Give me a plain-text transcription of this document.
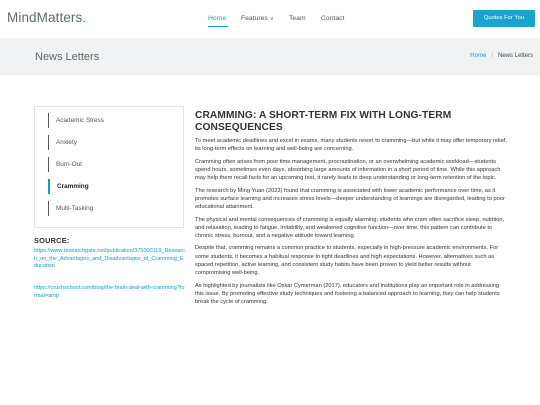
MindMatters.	Home Features ∨ Team Contact	Quotes For You
News Letters	Home / News Letters
Academic Stress
Anxiety
Burn-Out
Cramming
Multi-Tasking
SOURCE:
https://www.researchgate.net/publication/375000119_Research_on_the_Advantages_and_Disadvantages_of_Cramming_Education
https://crushschool.com/blog/the-brain-deal-with-cramming?format=amp
CRAMMING: A SHORT-TERM FIX WITH LONG-TERM CONSEQUENCES

To meet academic deadlines and excel in exams, many students resort to cramming—but while it may offer temporary relief, its long-term effects on learning and well-being are concerning.

Cramming often arises from poor time management, procrastination, or an overwhelming academic workload—students spend hours, sometimes even days, absorbing large amounts of information in a short period of time. While this approach may help them recall facts for an upcoming test, it rarely leads to deep understanding or long-term retention of the topic.

The research by Ming Yuan (2023) found that cramming is associated with lower academic performance over time, as it promotes surface learning and increases stress levels—deeper understanding of learnings are disregarded, leading to poor educational attainment.

The physical and mental consequences of cramming is equally alarming; students who cram often sacrifice sleep, nutrition, and relaxation, leading to fatigue, irritability, and weakened cognitive function—over time, this pattern can contribute to chronic stress, burnout, and a negative attitude toward learning.

Despite that, cramming remains a common practice to students, especially in high-pressure academic environments. For some students, it becomes a habitual response to tight deadlines and high expectations. However, alternatives such as spaced repetition, active learning, and consistent study habits have been proven to yield better results without compromising well-being.

As highlighted by journalists like Oskar Cymerman (2017), educators and institutions play an important role in addressing this issue. By promoting effective study techniques and fostering a balanced approach to learning, they can help students break the cycle of cramming.
